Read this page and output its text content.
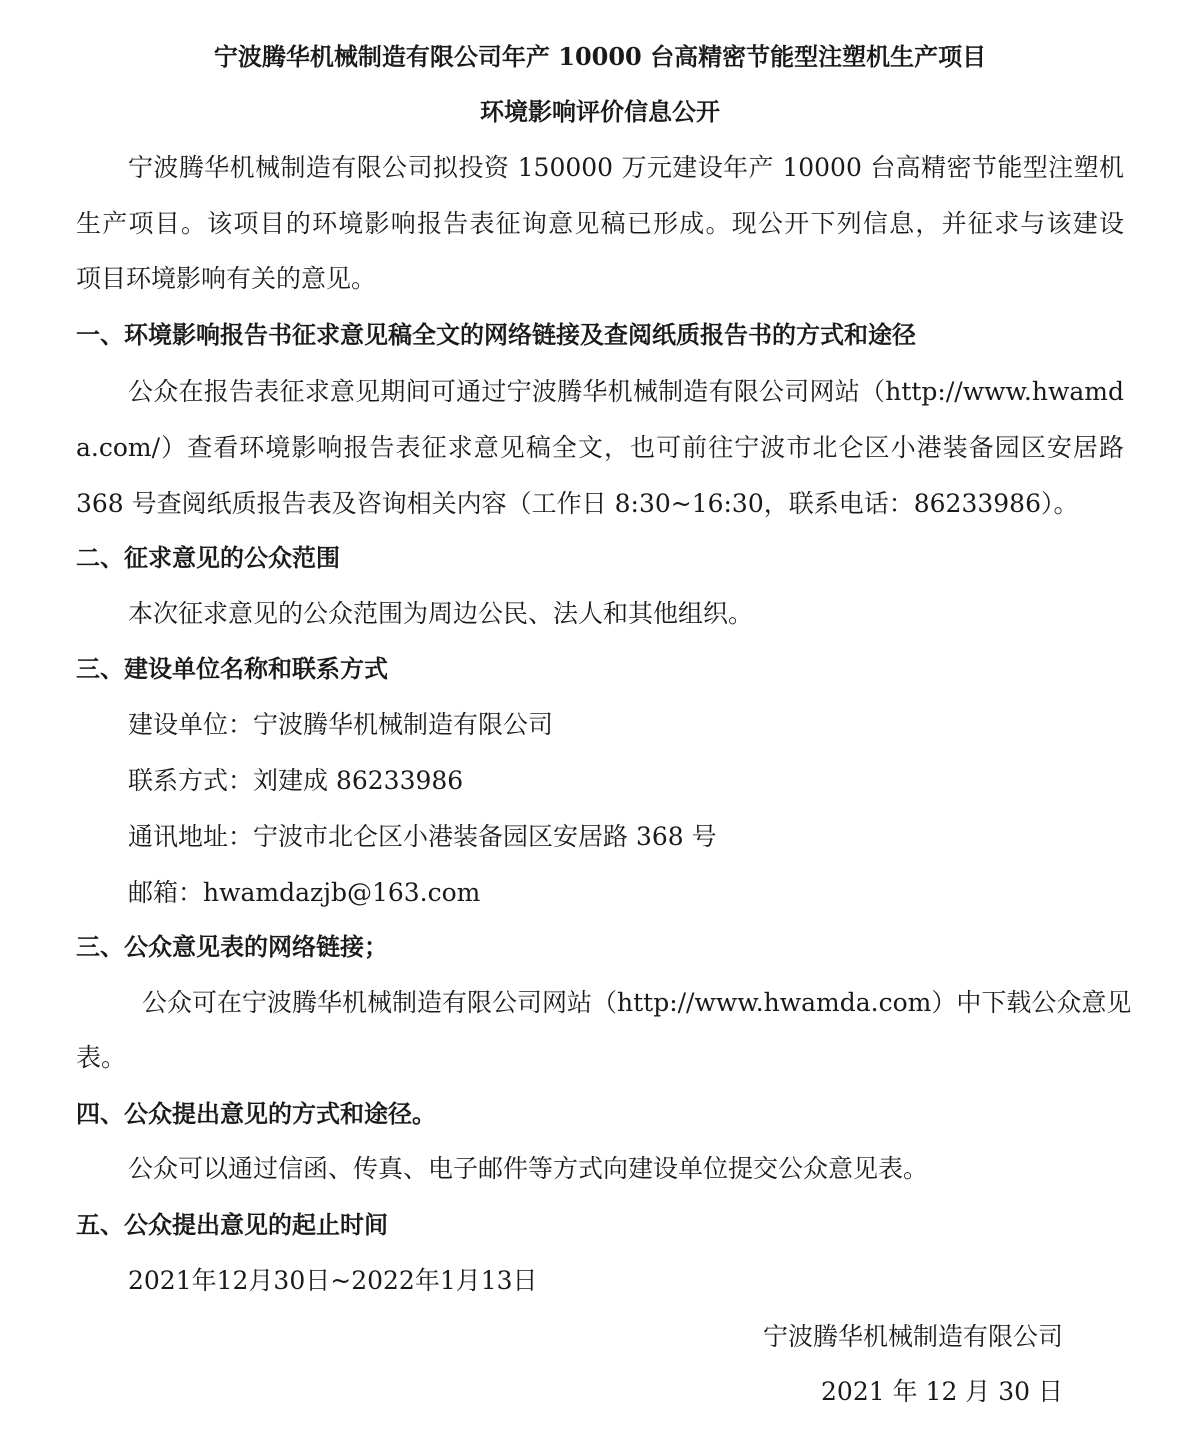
宁波腾华机械制造有限公司年产 10000 台高精密节能型注塑机生产项目
环境影响评价信息公开
宁波腾华机械制造有限公司拟投资 150000 万元建设年产 10000 台高精密节能型注塑机
生产项目。该项目的环境影响报告表征询意见稿已形成。现公开下列信息，并征求与该建设
项目环境影响有关的意见。
一、环境影响报告书征求意见稿全文的网络链接及查阅纸质报告书的方式和途径
公众在报告表征求意见期间可通过宁波腾华机械制造有限公司网站（http://www.hwamd
a.com/）查看环境影响报告表征求意见稿全文，也可前往宁波市北仑区小港装备园区安居路
368 号查阅纸质报告表及咨询相关内容（工作日 8:30~16:30，联系电话：86233986）。
二、征求意见的公众范围
本次征求意见的公众范围为周边公民、法人和其他组织。
三、建设单位名称和联系方式
建设单位：宁波腾华机械制造有限公司
联系方式：刘建成 86233986
通讯地址：宁波市北仑区小港装备园区安居路 368 号
邮箱：hwamdazjb@163.com
三、公众意见表的网络链接；
公众可在宁波腾华机械制造有限公司网站（http://www.hwamda.com）中下载公众意见
表。
四、公众提出意见的方式和途径。
公众可以通过信函、传真、电子邮件等方式向建设单位提交公众意见表。
五、公众提出意见的起止时间
2021年12月30日~2022年1月13日
宁波腾华机械制造有限公司
2021 年 12 月 30 日
